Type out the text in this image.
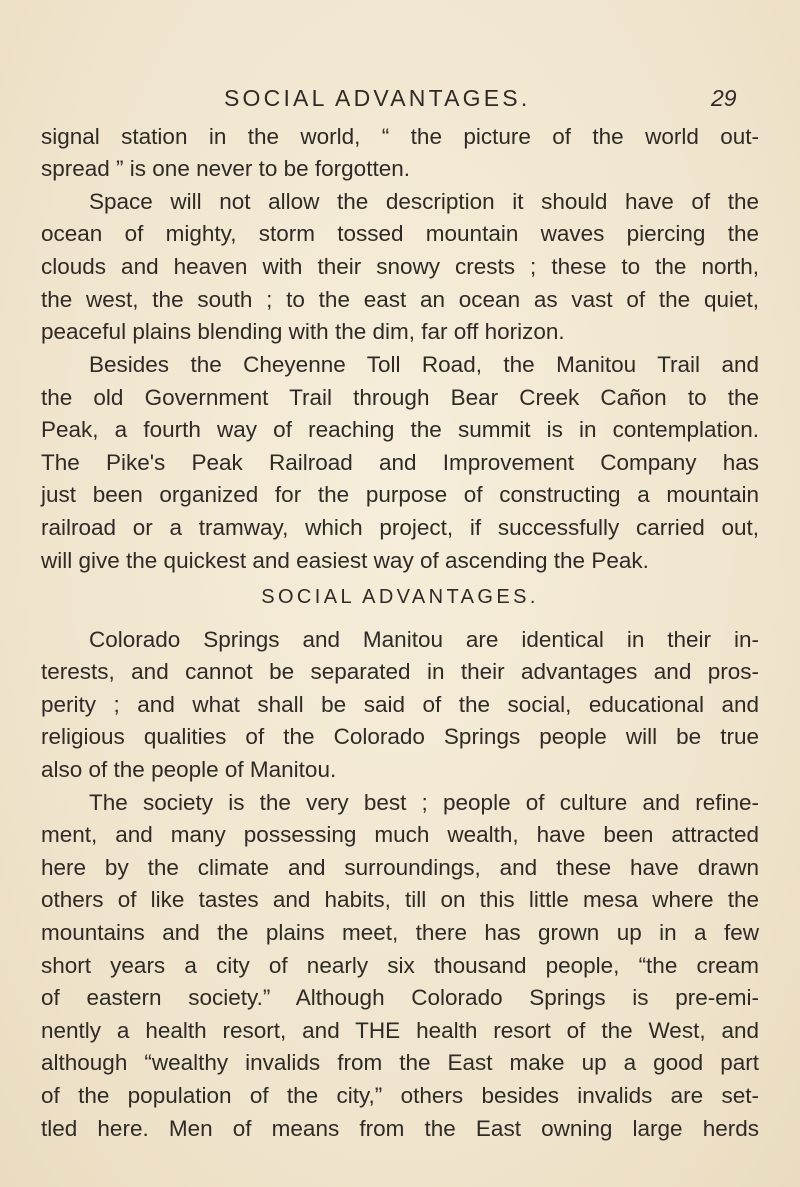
SOCIAL ADVANTAGES.	29
signal station in the world, “ the picture of the world out-
spread ” is one never to be forgotten.
Space will not allow the description it should have of the
ocean of mighty, storm tossed mountain waves piercing the
clouds and heaven with their snowy crests ; these to the north,
the west, the south ; to the east an ocean as vast of the quiet,
peaceful plains blending with the dim, far off horizon.
Besides the Cheyenne Toll Road, the Manitou Trail and
the old Government Trail through Bear Creek Cañon to the
Peak, a fourth way of reaching the summit is in contemplation.
The Pike's Peak Railroad and Improvement Company has
just been organized for the purpose of constructing a mountain
railroad or a tramway, which project, if successfully carried out,
will give the quickest and easiest way of ascending the Peak.
SOCIAL ADVANTAGES.
Colorado Springs and Manitou are identical in their in-
terests, and cannot be separated in their advantages and pros-
perity ; and what shall be said of the social, educational and
religious qualities of the Colorado Springs people will be true
also of the people of Manitou.
The society is the very best ; people of culture and refine-
ment, and many possessing much wealth, have been attracted
here by the climate and surroundings, and these have drawn
others of like tastes and habits, till on this little mesa where the
mountains and the plains meet, there has grown up in a few
short years a city of nearly six thousand people, “the cream
of eastern society.” Although Colorado Springs is pre-emi-
nently a health resort, and THE health resort of the West, and
although “wealthy invalids from the East make up a good part
of the population of the city,” others besides invalids are set-
tled here. Men of means from the East owning large herds
